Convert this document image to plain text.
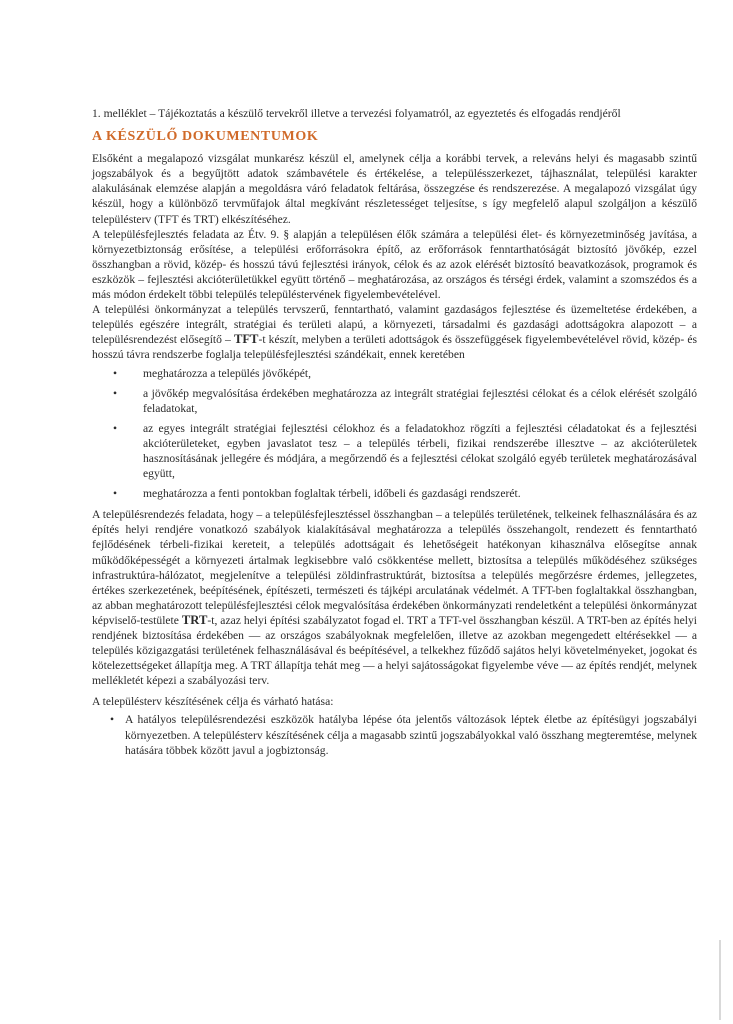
1. melléklet – Tájékoztatás a készülő tervekről illetve a tervezési folyamatról, az egyeztetés és elfogadás rendjéről

A KÉSZÜLŐ DOKUMENTUMOK

Elsőként a megalapozó vizsgálat munkarész készül el, amelynek célja a korábbi tervek, a releváns helyi és magasabb szintű jogszabályok és a begyűjtött adatok számbavétele és értékelése, a településszerkezet, tájhasználat, települési karakter alakulásának elemzése alapján a megoldásra váró feladatok feltárása, összegzése és rendszerezése. A megalapozó vizsgálat úgy készül, hogy a különböző tervműfajok által megkívánt részletességet teljesítse, s így megfelelő alapul szolgáljon a készülő településterv (TFT és TRT) elkészítéséhez.

A településfejlesztés feladata az Étv. 9. § alapján a településen élők számára a települési élet- és környezetminőség javítása, a környezetbiztonság erősítése, a települési erőforrásokra építő, az erőforrások fenntarthatóságát biztosító jövőkép, ezzel összhangban a rövid, közép- és hosszú távú fejlesztési irányok, célok és az azok elérését biztosító beavatkozások, programok és eszközök – fejlesztési akcióterületükkel együtt történő – meghatározása, az országos és térségi érdek, valamint a szomszédos és a más módon érdekelt többi település településtervének figyelembevételével.

A települési önkormányzat a település tervszerű, fenntartható, valamint gazdaságos fejlesztése és üzemeltetése érdekében, a település egészére integrált, stratégiai és területi alapú, a környezeti, társadalmi és gazdasági adottságokra alapozott – a településrendezést elősegítő – TFT-t készít, melyben a területi adottságok és összefüggések figyelembevételével rövid, közép- és hosszú távra rendszerbe foglalja településfejlesztési szándékait, ennek keretében

• meghatározza a település jövőképét,
• a jövőkép megvalósítása érdekében meghatározza az integrált stratégiai fejlesztési célokat és a célok elérését szolgáló feladatokat,
• az egyes integrált stratégiai fejlesztési célokhoz és a feladatokhoz rögzíti a fejlesztési céladatokat és a fejlesztési akcióterületeket, egyben javaslatot tesz – a település térbeli, fizikai rendszerébe illesztve – az akcióterületek hasznosításának jellegére és módjára, a megőrzendő és a fejlesztési célokat szolgáló egyéb területek meghatározásával együtt,
• meghatározza a fenti pontokban foglaltak térbeli, időbeli és gazdasági rendszerét.

A településrendezés feladata, hogy – a településfejlesztéssel összhangban – a település területének, telkeinek felhasználására és az építés helyi rendjére vonatkozó szabályok kialakításával meghatározza a település összehangolt, rendezett és fenntartható fejlődésének térbeli-fizikai kereteit, a település adottságait és lehetőségeit hatékonyan kihasználva elősegítse annak működőképességét a környezeti ártalmak legkisebbre való csökkentése mellett, biztosítsa a település működéséhez szükséges infrastruktúra-hálózatot, megjelenítve a települési zöldinfrastruktúrát, biztosítsa a település megőrzésre érdemes, jellegzetes, értékes szerkezetének, beépítésének, építészeti, természeti és tájképi arculatának védelmét. A TFT-ben foglaltakkal összhangban, az abban meghatározott településfejlesztési célok megvalósítása érdekében önkormányzati rendeletként a települési önkormányzat képviselő-testülete TRT-t, azaz helyi építési szabályzatot fogad el. TRT a TFT-vel összhangban készül. A TRT-ben az építés helyi rendjének biztosítása érdekében — az országos szabályoknak megfelelően, illetve az azokban megengedett eltérésekkel — a település közigazgatási területének felhasználásával és beépítésével, a telkekhez fűződő sajátos helyi követelményeket, jogokat és kötelezettségeket állapítja meg. A TRT állapítja tehát meg — a helyi sajátosságokat figyelembe véve — az építés rendjét, melynek mellékletét képezi a szabályozási terv.

A településterv készítésének célja és várható hatása:

• A hatályos településrendezési eszközök hatályba lépése óta jelentős változások léptek életbe az építésügyi jogszabályi környezetben. A településterv készítésének célja a magasabb szintű jogszabályokkal való összhang megteremtése, melynek hatására többek között javul a jogbiztonság.
